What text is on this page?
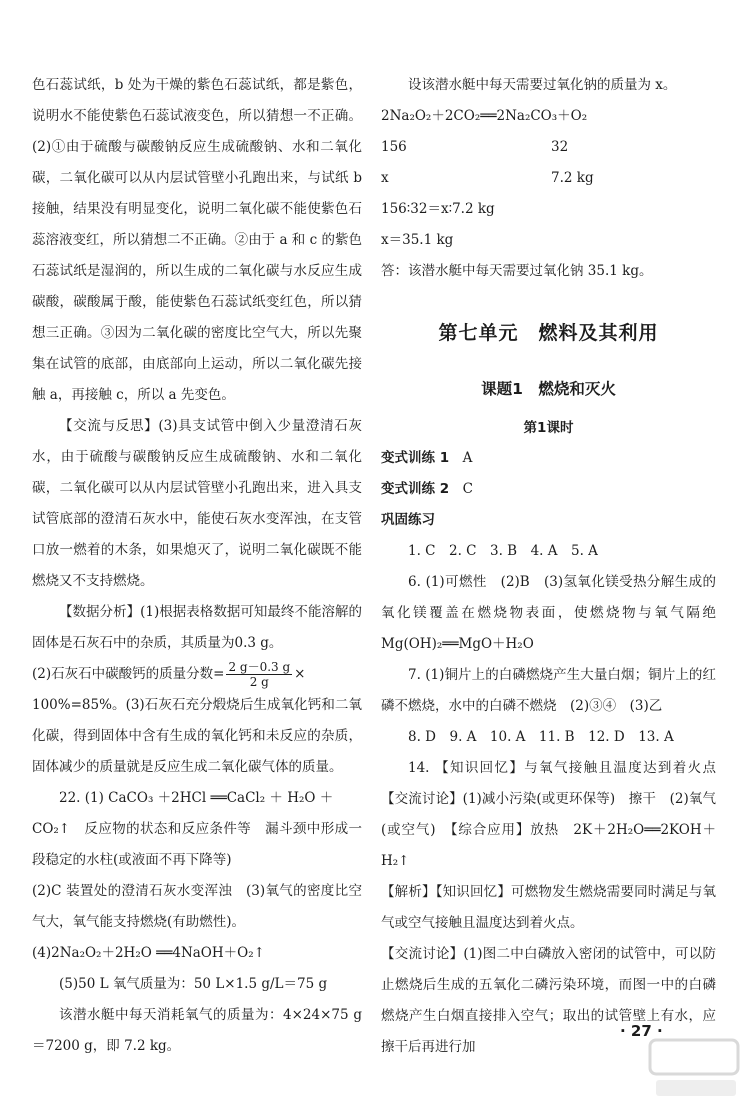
色石蕊试纸，b 处为干燥的紫色石蕊试纸，都是紫色，说明水不能使紫色石蕊试液变色，所以猜想一不正确。(2)①由于硫酸与碳酸钠反应生成硫酸钠、水和二氧化碳，二氧化碳可以从内层试管壁小孔跑出来，与试纸 b 接触，结果没有明显变化，说明二氧化碳不能使紫色石蕊溶液变红，所以猜想二不正确。②由于 a 和 c 的紫色石蕊试纸是湿润的，所以生成的二氧化碳与水反应生成碳酸，碳酸属于酸，能使紫色石蕊试纸变红色，所以猜想三正确。③因为二氧化碳的密度比空气大，所以先聚集在试管的底部，由底部向上运动，所以二氧化碳先接触 a，再接触 c，所以 a 先变色。

【交流与反思】(3)具支试管中倒入少量澄清石灰水，由于硫酸与碳酸钠反应生成硫酸钠、水和二氧化碳，二氧化碳可以从内层试管壁小孔跑出来，进入具支试管底部的澄清石灰水中，能使石灰水变浑浊，在支管口放一燃着的木条，如果熄灭了，说明二氧化碳既不能燃烧又不支持燃烧。

【数据分析】(1)根据表格数据可知最终不能溶解的固体是石灰石中的杂质，其质量为0.3 g。

(2)石灰石中碳酸钙的质量分数= $\frac{2 g-0.3 g}{2 g}$ ×

100%=85%。(3)石灰石充分煅烧后生成氧化钙和二氧化碳，得到固体中含有生成的氧化钙和未反应的杂质，固体减少的质量就是反应生成二氧化碳气体的质量。

22. (1) CaCO₃ ＋2HCl ══CaCl₂ ＋ H₂O ＋

CO₂↑　反应物的状态和反应条件等　漏斗颈中形成一段稳定的水柱(或液面不再下降等)

(2)C 装置处的澄清石灰水变浑浊　(3)氧气的密度比空气大，氧气能支持燃烧(有助燃性)。

(4)2Na₂O₂＋2H₂O ══4NaOH＋O₂↑

(5)50 L 氧气质量为：50 L×1.5 g/L＝75 g

该潜水艇中每天消耗氧气的质量为：4×24×75 g＝7200 g，即 7.2 kg。

设该潜水艇中每天需要过氧化钠的质量为 x。

2Na₂O₂＋2CO₂══2Na₂CO₃＋O₂

156	32
x	7.2 kg

156∶32＝x∶7.2 kg

x＝35.1 kg

答：该潜水艇中每天需要过氧化钠 35.1 kg。

第七单元　燃料及其利用
课题1　燃烧和灭火
第1课时

变式训练 1　 A

变式训练 2　 C

巩固练习

1. C　2. C　3. B　4. A　5. A

6. (1)可燃性　(2)B　(3)氢氧化镁受热分解生成的氧化镁覆盖在燃烧物表面，使燃烧物与氧气隔绝　Mg(OH)₂══MgO＋H₂O

7. (1)铜片上的白磷燃烧产生大量白烟；铜片上的红磷不燃烧，水中的白磷不燃烧　(2)③④　(3)乙

8. D　9. A　10. A　11. B　12. D　13. A

14. 【知识回忆】与氧气接触且温度达到着火点　【交流讨论】(1)减小污染(或更环保等)　擦干　(2)氧气(或空气)　【综合应用】放热　2K＋2H₂O══2KOH＋H₂↑

【解析】【知识回忆】可燃物发生燃烧需要同时满足与氧气或空气接触且温度达到着火点。

【交流讨论】(1)图二中白磷放入密闭的试管中，可以防止燃烧后生成的五氧化二磷污染环境，而图一中的白磷燃烧产生白烟直接排入空气；取出的试管壁上有水，应擦干后再进行加

· 27 ·
